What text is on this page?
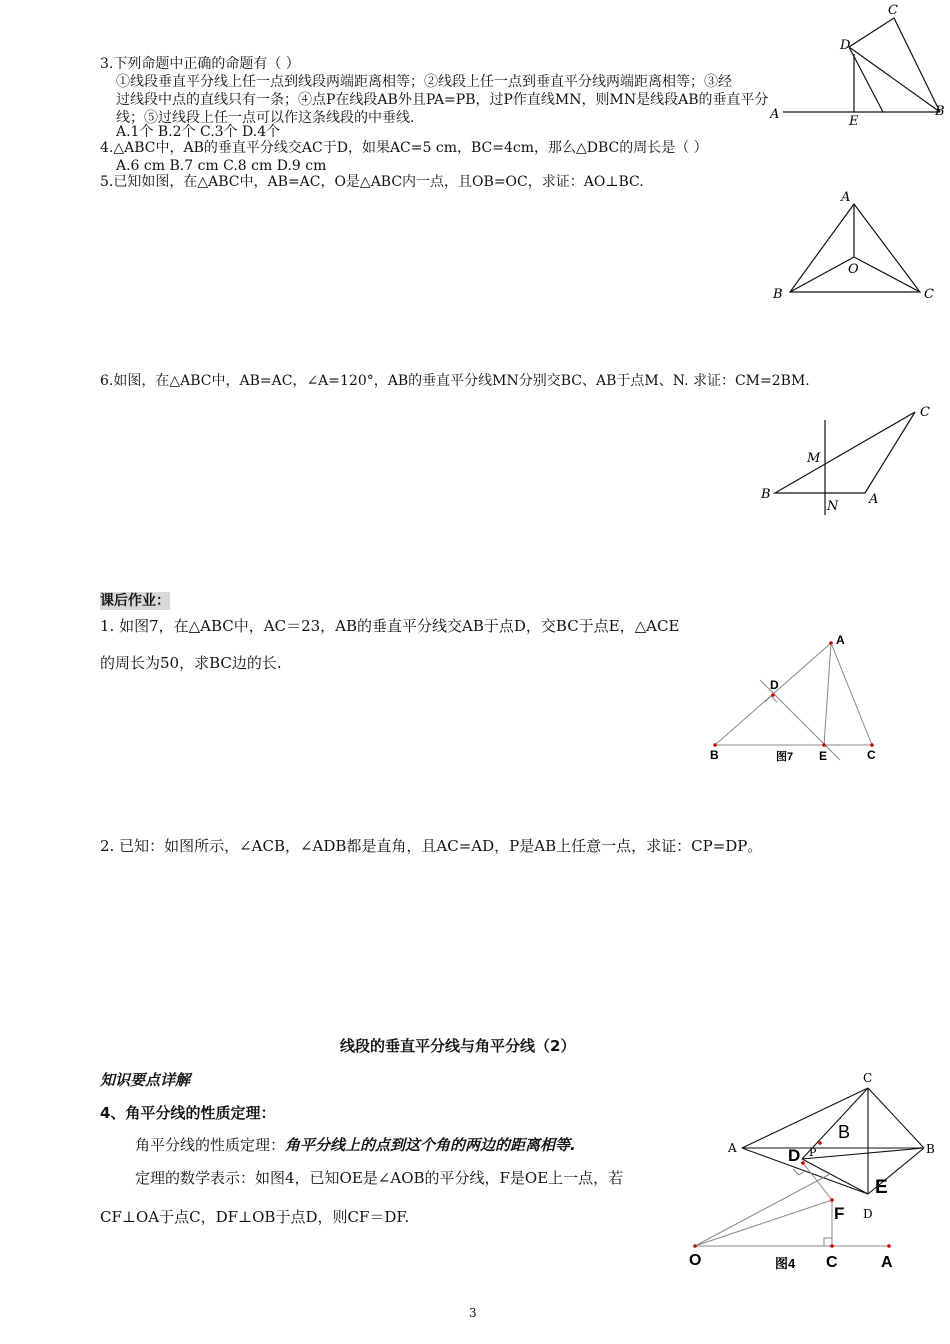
3.下列命题中正确的命题有（ ）
①线段垂直平分线上任一点到线段两端距离相等；②线段上任一点到垂直平分线两端距离相等；③经
过线段中点的直线只有一条；④点P在线段AB外且PA=PB，过P作直线MN，则MN是线段AB的垂直平分
线；⑤过线段上任一点可以作这条线段的中垂线.
A.1个 B.2个 C.3个 D.4个
C
D
A	E
B
4.△ABC中，AB的垂直平分线交AC于D，如果AC=5 cm，BC=4cm，那么△DBC的周长是（ ）
A.6 cm B.7 cm C.8 cm D.9 cm
5.已知如图，在△ABC中，AB=AC，O是△ABC内一点，且OB=OC，求证：AO⊥BC.
A
O
B	C
6.如图，在△ABC中，AB=AC，∠A=120°，AB的垂直平分线MN分别交BC、AB于点M、N. 求证：CM=2BM.
C
M
B
N A
课后作业：
1. 如图7，在△ABC中，AC＝23，AB的垂直平分线交AB于点D，交BC于点E，△ACE
的周长为50，求BC边的长.
A
D
B	图7 E	C
2. 已知：如图所示，∠ACB，∠ADB都是直角，且AC=AD，P是AB上任意一点，求证：CP=DP。
线段的垂直平分线与角平分线（2）
知识要点详解
4、角平分线的性质定理：
角平分线的性质定理：角平分线上的点到这个角的两边的距离相等.
定理的数学表示：如图4，已知OE是∠AOB的平分线，F是OE上一点，若
CF⊥OA于点C，DF⊥OB于点D，则CF＝DF.
C
A	B
P
D
E
B
D
F
O	图4 C	A
3
